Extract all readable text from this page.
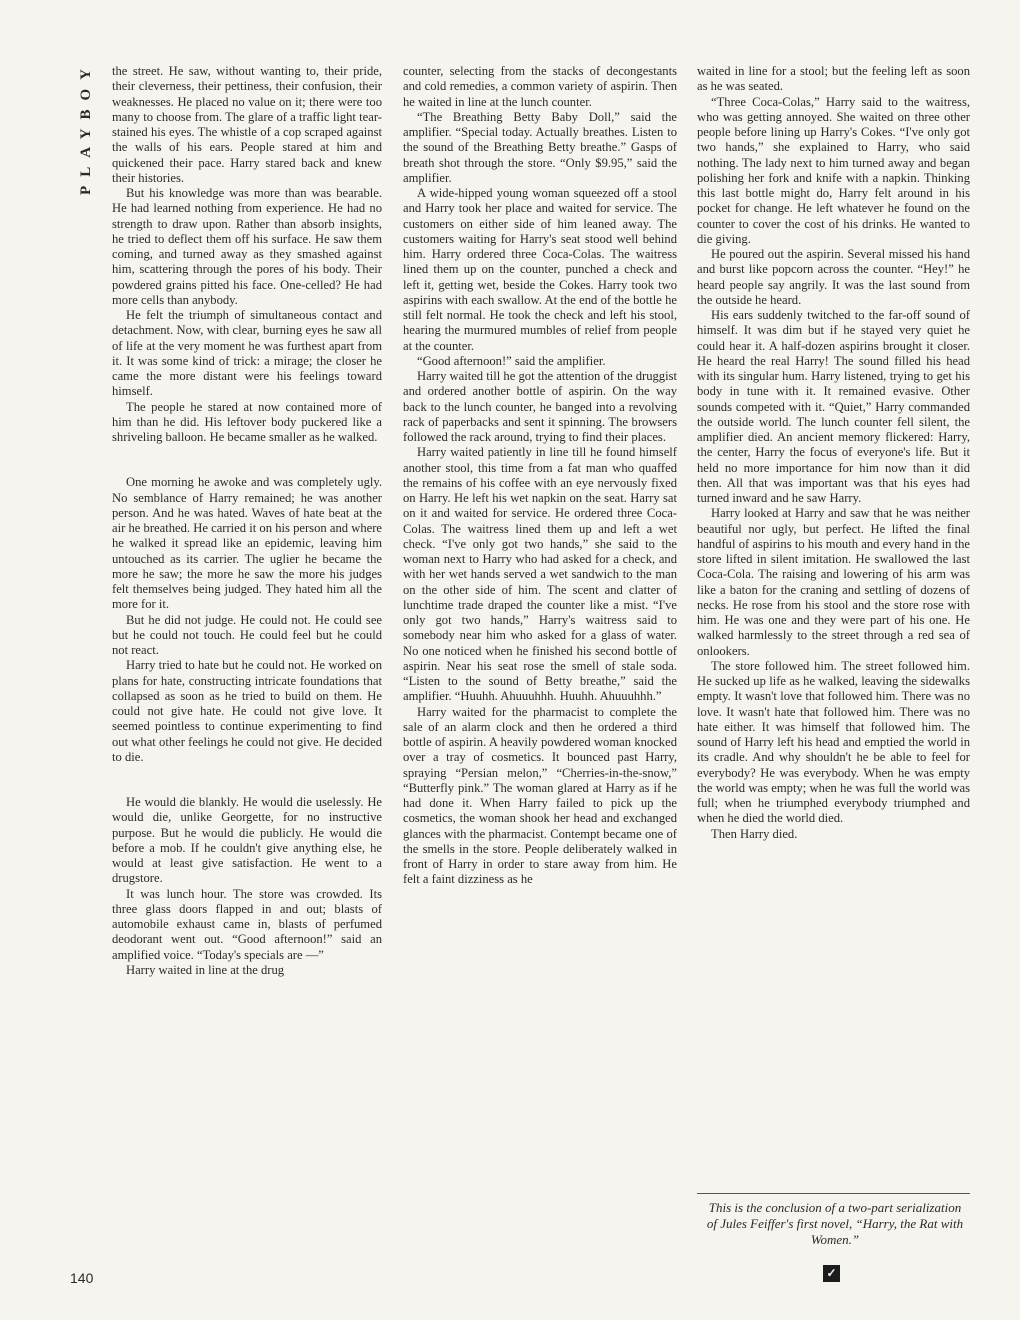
PLAYBOY	the street. He saw, without wanting to, their pride, their cleverness, their pettiness, their confusion, their weaknesses. He placed no value on it; there were too many to choose from. The glare of a traffic light tear-stained his eyes. The whistle of a cop scraped against the walls of his ears. People stared at him and quickened their pace. Harry stared back and knew their histories.

But his knowledge was more than was bearable. He had learned nothing from experience. He had no strength to draw upon. Rather than absorb insights, he tried to deflect them off his surface. He saw them coming, and turned away as they smashed against him, scattering through the pores of his body. Their powdered grains pitted his face. One-celled? He had more cells than anybody.

He felt the triumph of simultaneous contact and detachment. Now, with clear, burning eyes he saw all of life at the very moment he was furthest apart from it. It was some kind of trick: a mirage; the closer he came the more distant were his feelings toward himself.

The people he stared at now contained more of him than he did. His leftover body puckered like a shriveling balloon. He became smaller as he walked.

One morning he awoke and was completely ugly. No semblance of Harry remained; he was another person. And he was hated. Waves of hate beat at the air he breathed. He carried it on his person and where he walked it spread like an epidemic, leaving him untouched as its carrier. The uglier he became the more he saw; the more he saw the more his judges felt themselves being judged. They hated him all the more for it.

But he did not judge. He could not. He could see but he could not touch. He could feel but he could not react.

Harry tried to hate but he could not. He worked on plans for hate, constructing intricate foundations that collapsed as soon as he tried to build on them. He could not give hate. He could not give love. It seemed pointless to continue experimenting to find out what other feelings he could not give. He decided to die.

He would die blankly. He would die uselessly. He would die, unlike Georgette, for no instructive purpose. But he would die publicly. He would die before a mob. If he couldn't give anything else, he would at least give satisfaction. He went to a drugstore.

It was lunch hour. The store was crowded. Its three glass doors flapped in and out; blasts of automobile exhaust came in, blasts of perfumed deodorant went out. “Good afternoon!” said an amplified voice. “Today's specials are —”

Harry waited in line at the drug

counter, selecting from the stacks of decongestants and cold remedies, a common variety of aspirin. Then he waited in line at the lunch counter.

“The Breathing Betty Baby Doll,” said the amplifier. “Special today. Actually breathes. Listen to the sound of the Breathing Betty breathe.” Gasps of breath shot through the store. “Only $9.95,” said the amplifier.

A wide-hipped young woman squeezed off a stool and Harry took her place and waited for service. The customers on either side of him leaned away. The customers waiting for Harry's seat stood well behind him. Harry ordered three Coca-Colas. The waitress lined them up on the counter, punched a check and left it, getting wet, beside the Cokes. Harry took two aspirins with each swallow. At the end of the bottle he still felt normal. He took the check and left his stool, hearing the murmured mumbles of relief from people at the counter.

“Good afternoon!” said the amplifier.

Harry waited till he got the attention of the druggist and ordered another bottle of aspirin. On the way back to the lunch counter, he banged into a revolving rack of paperbacks and sent it spinning. The browsers followed the rack around, trying to find their places.

Harry waited patiently in line till he found himself another stool, this time from a fat man who quaffed the remains of his coffee with an eye nervously fixed on Harry. He left his wet napkin on the seat. Harry sat on it and waited for service. He ordered three Coca-Colas. The waitress lined them up and left a wet check. “I've only got two hands,” she said to the woman next to Harry who had asked for a check, and with her wet hands served a wet sandwich to the man on the other side of him. The scent and clatter of lunchtime trade draped the counter like a mist. “I've only got two hands,” Harry's waitress said to somebody near him who asked for a glass of water. No one noticed when he finished his second bottle of aspirin. Near his seat rose the smell of stale soda. “Listen to the sound of Betty breathe,” said the amplifier. “Huuhh. Ahuuuhhh. Huuhh. Ahuuuhhh.”

Harry waited for the pharmacist to complete the sale of an alarm clock and then he ordered a third bottle of aspirin. A heavily powdered woman knocked over a tray of cosmetics. It bounced past Harry, spraying “Persian melon,” “Cherries-in-the-snow,” “Butterfly pink.” The woman glared at Harry as if he had done it. When Harry failed to pick up the cosmetics, the woman shook her head and exchanged glances with the pharmacist. Contempt became one of the smells in the store. People deliberately walked in front of Harry in order to stare away from him. He felt a faint dizziness as he

waited in line for a stool; but the feeling left as soon as he was seated.

“Three Coca-Colas,” Harry said to the waitress, who was getting annoyed. She waited on three other people before lining up Harry's Cokes. “I've only got two hands,” she explained to Harry, who said nothing. The lady next to him turned away and began polishing her fork and knife with a napkin. Thinking this last bottle might do, Harry felt around in his pocket for change. He left whatever he found on the counter to cover the cost of his drinks. He wanted to die giving.

He poured out the aspirin. Several missed his hand and burst like popcorn across the counter. “Hey!” he heard people say angrily. It was the last sound from the outside he heard.

His ears suddenly twitched to the far-off sound of himself. It was dim but if he stayed very quiet he could hear it. A half-dozen aspirins brought it closer. He heard the real Harry! The sound filled his head with its singular hum. Harry listened, trying to get his body in tune with it. It remained evasive. Other sounds competed with it. “Quiet,” Harry commanded the outside world. The lunch counter fell silent, the amplifier died. An ancient memory flickered: Harry, the center, Harry the focus of everyone's life. But it held no more importance for him now than it did then. All that was important was that his eyes had turned inward and he saw Harry.

Harry looked at Harry and saw that he was neither beautiful nor ugly, but perfect. He lifted the final handful of aspirins to his mouth and every hand in the store lifted in silent imitation. He swallowed the last Coca-Cola. The raising and lowering of his arm was like a baton for the craning and settling of dozens of necks. He rose from his stool and the store rose with him. He was one and they were part of his one. He walked harmlessly to the street through a red sea of onlookers.

The store followed him. The street followed him. He sucked up life as he walked, leaving the sidewalks empty. It wasn't love that followed him. There was no love. It wasn't hate that followed him. There was no hate either. It was himself that followed him. The sound of Harry left his head and emptied the world in its cradle. And why shouldn't he be able to feel for everybody? He was everybody. When he was empty the world was empty; when he was full the world was full; when he triumphed everybody triumphed and when he died the world died.

Then Harry died.

This is the conclusion of a two-part serialization of Jules Feiffer's first novel, “Harry, the Rat with Women.”
140	✓
